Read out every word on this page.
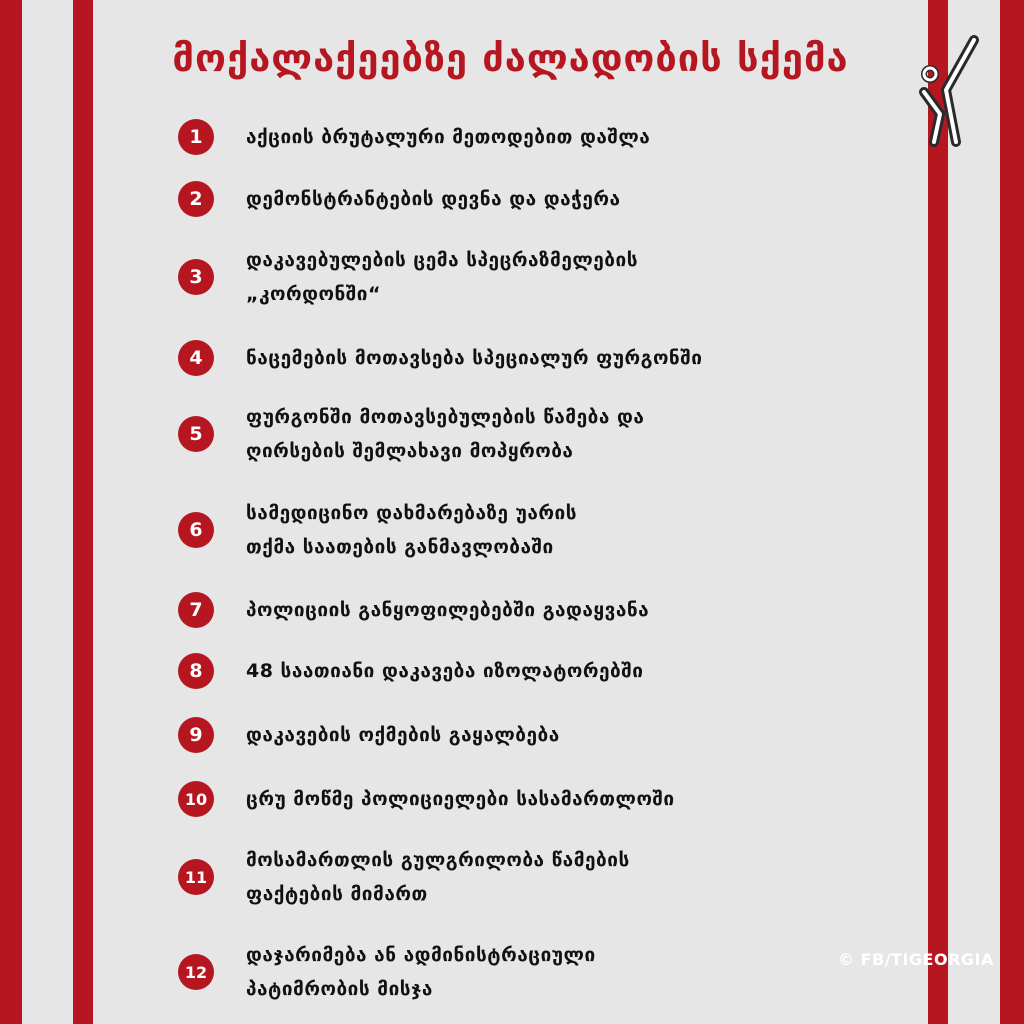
მოქალაქეებზე ძალადობის სქემა
1	აქციის ბრუტალური მეთოდებით დაშლა
2	დემონსტრანტების დევნა და დაჭერა
3
დაკავებულების ცემა სპეცრაზმელების
„კორდონში“
4	ნაცემების მოთავსება სპეციალურ ფურგონში
5
ფურგონში მოთავსებულების წამება და
ღირსების შემლახავი მოპყრობა
6
სამედიცინო დახმარებაზე უარის
თქმა საათების განმავლობაში
7	პოლიციის განყოფილებებში გადაყვანა
8	48 საათიანი დაკავება იზოლატორებში
9	დაკავების ოქმების გაყალბება
10	ცრუ მოწმე პოლიციელები სასამართლოში
11
მოსამართლის გულგრილობა წამების
ფაქტების მიმართ
12
დაჯარიმება ან ადმინისტრაციული
პატიმრობის მისჯა
© FB/TIGEORGIA
